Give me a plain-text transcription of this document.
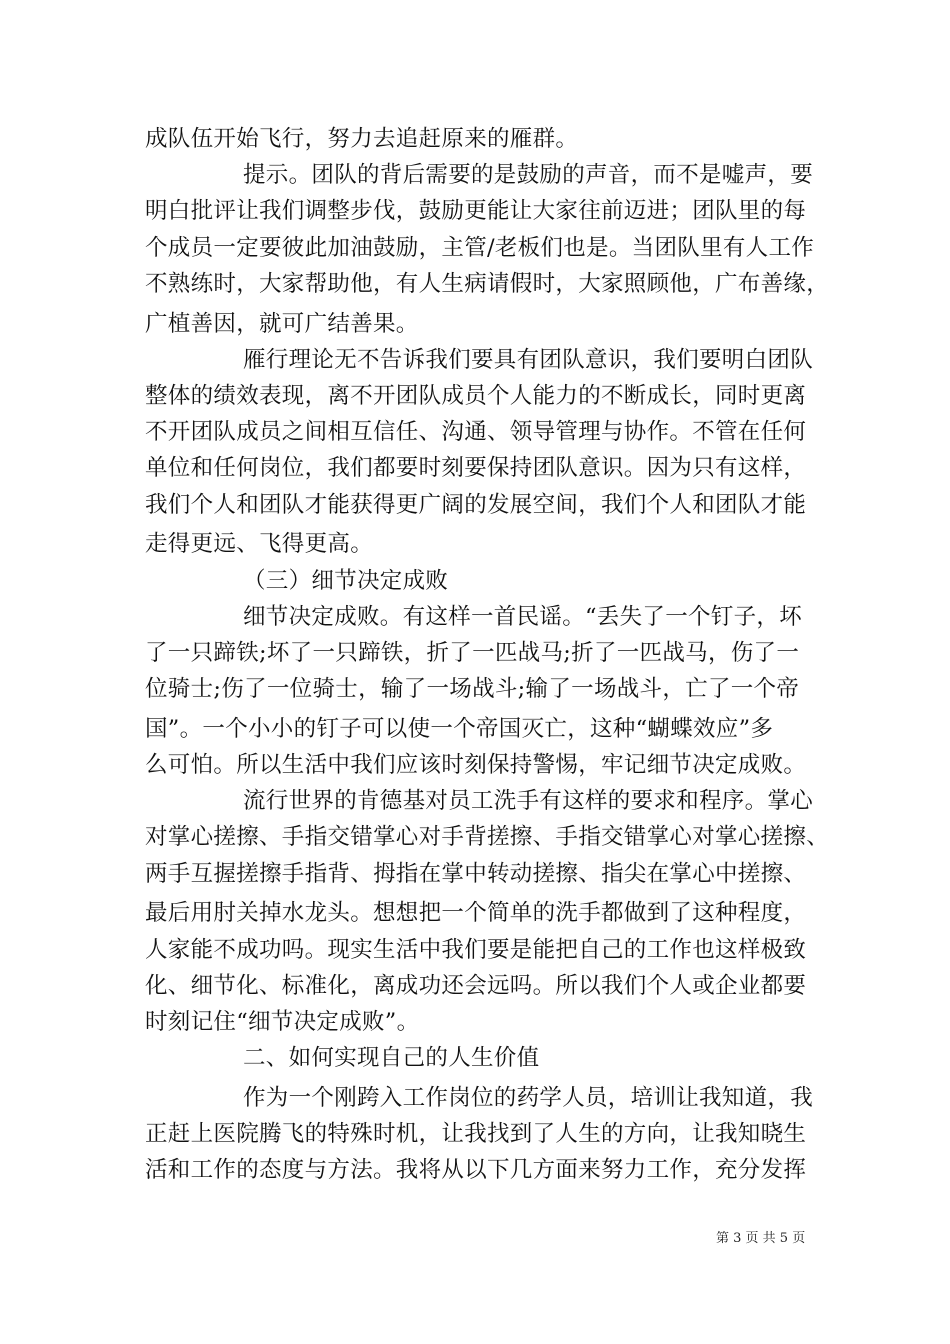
成队伍开始飞行，努力去追赶原来的雁群。
提示。团队的背后需要的是鼓励的声音，而不是嘘声，要
明白批评让我们调整步伐，鼓励更能让大家往前迈进；团队里的每
个成员一定要彼此加油鼓励，主管/老板们也是。当团队里有人工作
不熟练时，大家帮助他，有人生病请假时，大家照顾他，广布善缘，
广植善因，就可广结善果。
雁行理论无不告诉我们要具有团队意识，我们要明白团队
整体的绩效表现，离不开团队成员个人能力的不断成长，同时更离
不开团队成员之间相互信任、沟通、领导管理与协作。不管在任何
单位和任何岗位，我们都要时刻要保持团队意识。因为只有这样，
我们个人和团队才能获得更广阔的发展空间，我们个人和团队才能
走得更远、飞得更高。
（三）细节决定成败
细节决定成败。有这样一首民谣。“丢失了一个钉子，坏
了一只蹄铁;坏了一只蹄铁，折了一匹战马;折了一匹战马，伤了一
位骑士;伤了一位骑士，输了一场战斗;输了一场战斗，亡了一个帝
国”。一个小小的钉子可以使一个帝国灭亡，这种“蝴蝶效应”多
么可怕。所以生活中我们应该时刻保持警惕，牢记细节决定成败。
流行世界的肯德基对员工洗手有这样的要求和程序。掌心
对掌心搓擦、手指交错掌心对手背搓擦、手指交错掌心对掌心搓擦、
两手互握搓擦手指背、拇指在掌中转动搓擦、指尖在掌心中搓擦、
最后用肘关掉水龙头。想想把一个简单的洗手都做到了这种程度，
人家能不成功吗。现实生活中我们要是能把自己的工作也这样极致
化、细节化、标准化，离成功还会远吗。所以我们个人或企业都要
时刻记住“细节决定成败”。
二、如何实现自己的人生价值
作为一个刚跨入工作岗位的药学人员，培训让我知道，我
正赶上医院腾飞的特殊时机，让我找到了人生的方向，让我知晓生
活和工作的态度与方法。我将从以下几方面来努力工作，充分发挥
第 3 页 共 5 页
